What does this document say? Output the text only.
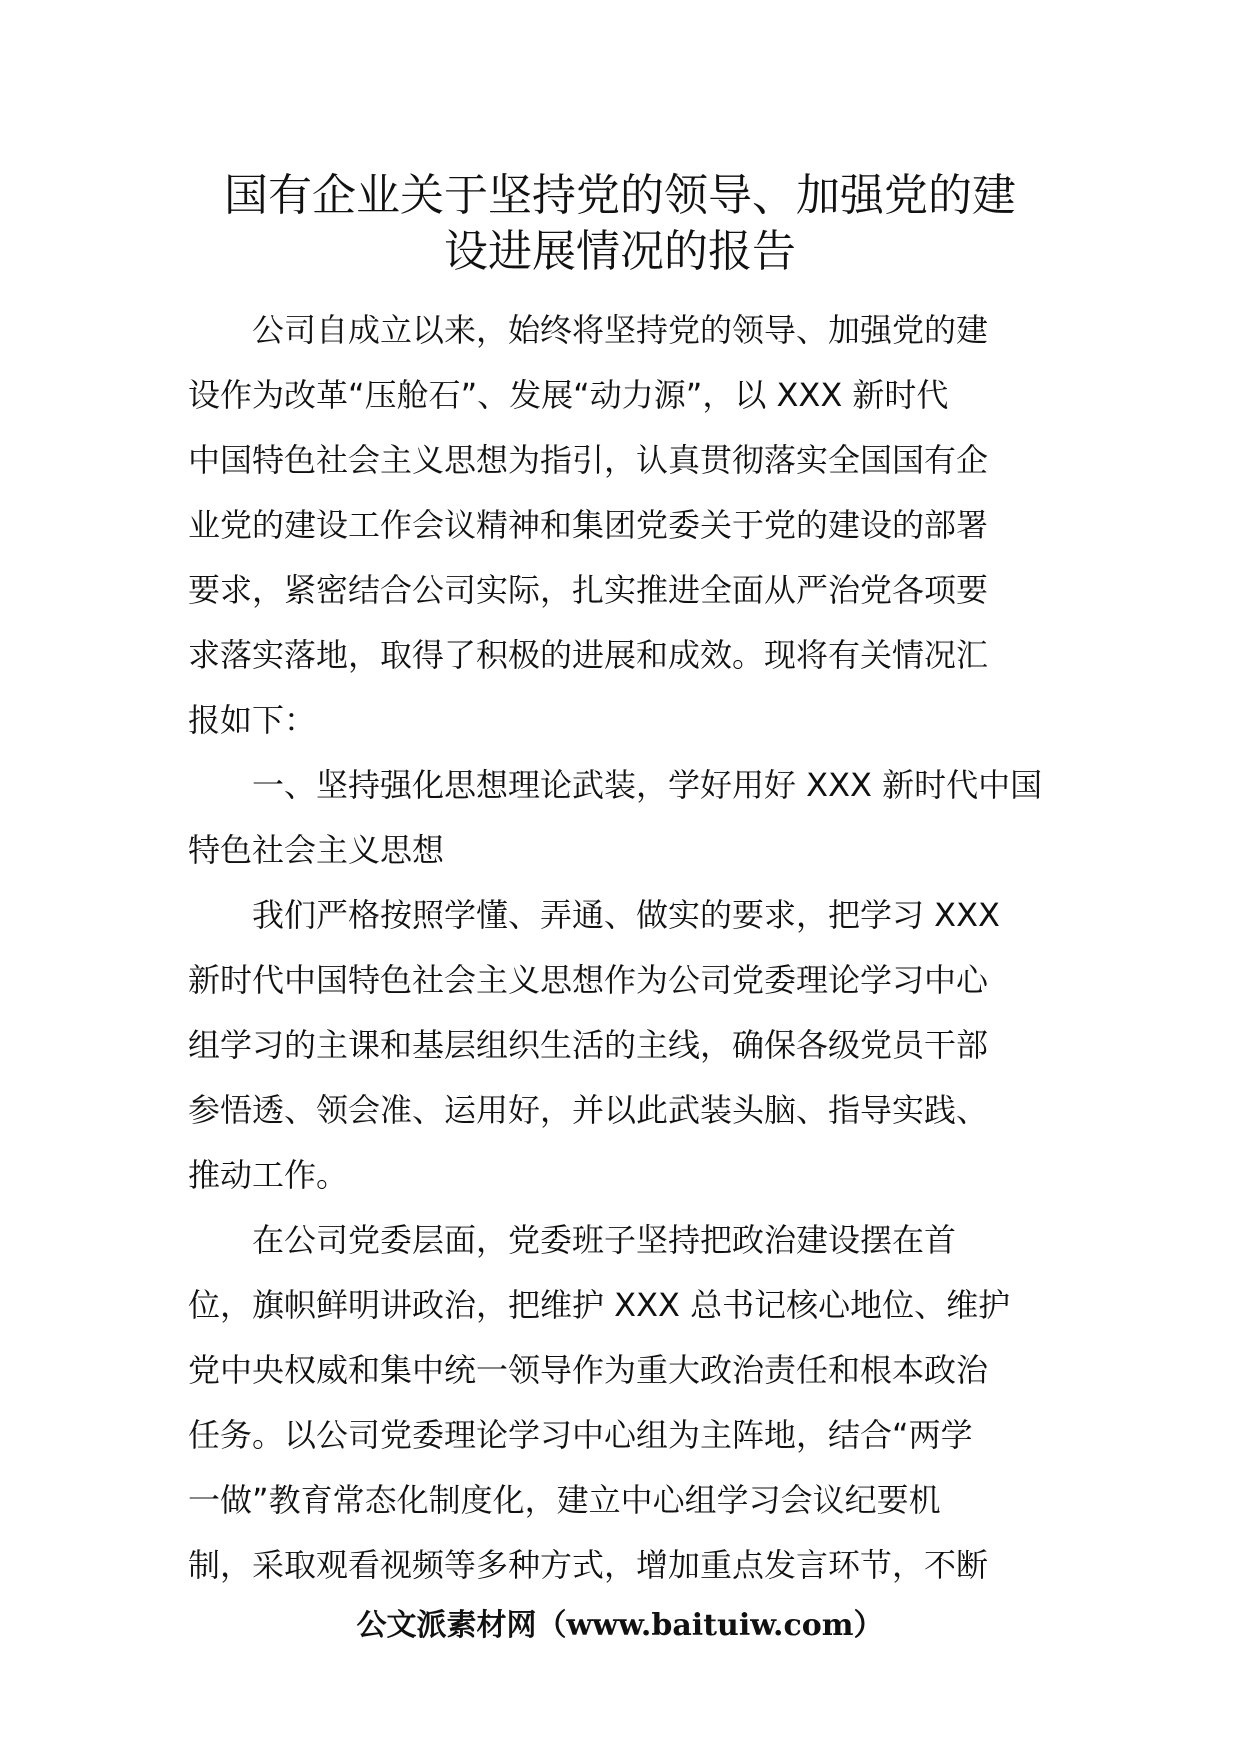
国有企业关于坚持党的领导、加强党的建
设进展情况的报告

公司自成立以来，始终将坚持党的领导、加强党的建
设作为改革“压舱石”、发展“动力源”，以 XXX 新时代
中国特色社会主义思想为指引，认真贯彻落实全国国有企
业党的建设工作会议精神和集团党委关于党的建设的部署
要求，紧密结合公司实际，扎实推进全面从严治党各项要
求落实落地，取得了积极的进展和成效。现将有关情况汇
报如下：

一、坚持强化思想理论武装，学好用好 XXX 新时代中国
特色社会主义思想

我们严格按照学懂、弄通、做实的要求，把学习 XXX
新时代中国特色社会主义思想作为公司党委理论学习中心
组学习的主课和基层组织生活的主线，确保各级党员干部
参悟透、领会准、运用好，并以此武装头脑、指导实践、
推动工作。

在公司党委层面，党委班子坚持把政治建设摆在首
位，旗帜鲜明讲政治，把维护 XXX 总书记核心地位、维护
党中央权威和集中统一领导作为重大政治责任和根本政治
任务。以公司党委理论学习中心组为主阵地，结合“两学
一做”教育常态化制度化，建立中心组学习会议纪要机
制，采取观看视频等多种方式，增加重点发言环节，不断

公文派素材网（www.baituiw.com）
